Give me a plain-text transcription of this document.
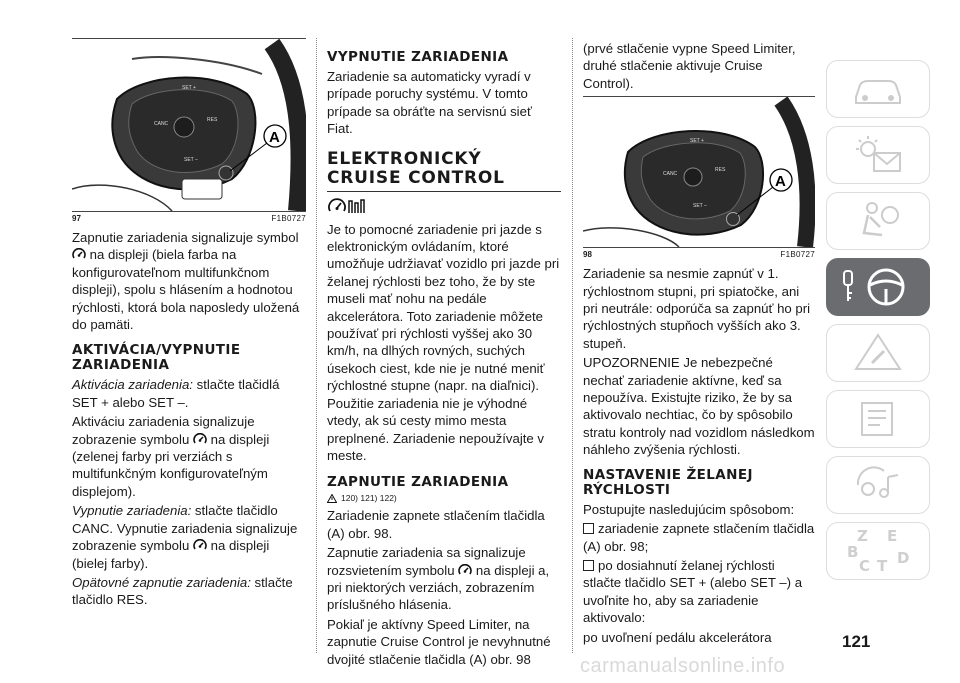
SET +
CANC
RES
SET –
A
97	F1B0727

Zapnutie zariadenia signalizuje symbol na displeji (biela farba na konfigurovateľnom multifunkčnom displeji), spolu s hlásením a hodnotou rýchlosti, ktorá bola naposledy uložená do pamäti.

AKTIVÁCIA/VYPNUTIE ZARIADENIA

Aktivácia zariadenia: stlačte tlačidlá SET + alebo SET –.

Aktiváciu zariadenia signalizuje zobrazenie symbolu  na displeji (zelenej farby pri verziách s multifunkčným konfigurovateľným displejom).

Vypnutie zariadenia: stlačte tlačidlo CANC. Vypnutie zariadenia signalizuje zobrazenie symbolu  na displeji (bielej farby).

Opätovné zapnutie zariadenia: stlačte tlačidlo RES.

VYPNUTIE ZARIADENIA

Zariadenie sa automaticky vyradí v prípade poruchy systému. V tomto prípade sa obráťte na servisnú sieť Fiat.

ELEKTRONICKÝ CRUISE CONTROL

Je to pomocné zariadenie pri jazde s elektronickým ovládaním, ktoré umožňuje udržiavať vozidlo pri jazde pri želanej rýchlosti bez toho, že by ste museli mať nohu na pedále akcelerátora. Toto zariadenie môžete používať pri rýchlosti vyššej ako 30 km/h, na dlhých rovných, suchých úsekoch ciest, kde nie je nutné meniť rýchlostné stupne (napr. na diaľnici). Použitie zariadenia nie je výhodné vtedy, ak sú cesty mimo mesta preplnené. Zariadenie nepoužívajte v meste.

ZAPNUTIE ZARIADENIA
120) 121) 122)

Zariadenie zapnete stlačením tlačidla (A) obr. 98.

Zapnutie zariadenia sa signalizuje rozsvietením symbolu  na displeji a, pri niektorých verziách, zobrazením príslušného hlásenia.

Pokiaľ je aktívny Speed Limiter, na zapnutie Cruise Control je nevyhnutné dvojité stlačenie tlačidla (A) obr. 98

(prvé stlačenie vypne Speed Limiter, druhé stlačenie aktivuje Cruise Control).

SET +
CANC
RES
SET –
A
98	F1B0727

Zariadenie sa nesmie zapnúť v 1. rýchlostnom stupni, pri spiatočke, ani pri neutrále: odporúča sa zapnúť ho pri rýchlostných stupňoch vyšších ako 3. stupeň.

UPOZORNENIE Je nebezpečné nechať zariadenie aktívne, keď sa nepoužíva. Existujte riziko, že by sa aktivovalo nechtiac, čo by spôsobilo stratu kontroly nad vozidlom následkom náhleho zvýšenia rýchlosti.

NASTAVENIE ŽELANEJ RÝCHLOSTI

Postupujte nasledujúcim spôsobom:

zariadenie zapnete stlačením tlačidla (A) obr. 98;

po dosiahnutí želanej rýchlosti stlačte tlačidlo SET + (alebo SET –) a uvoľnite ho, aby sa zariadenie aktivovalo:

po uvoľnení pedálu akcelerátora

Z E
B
C T D
121
carmanualsonline.info
